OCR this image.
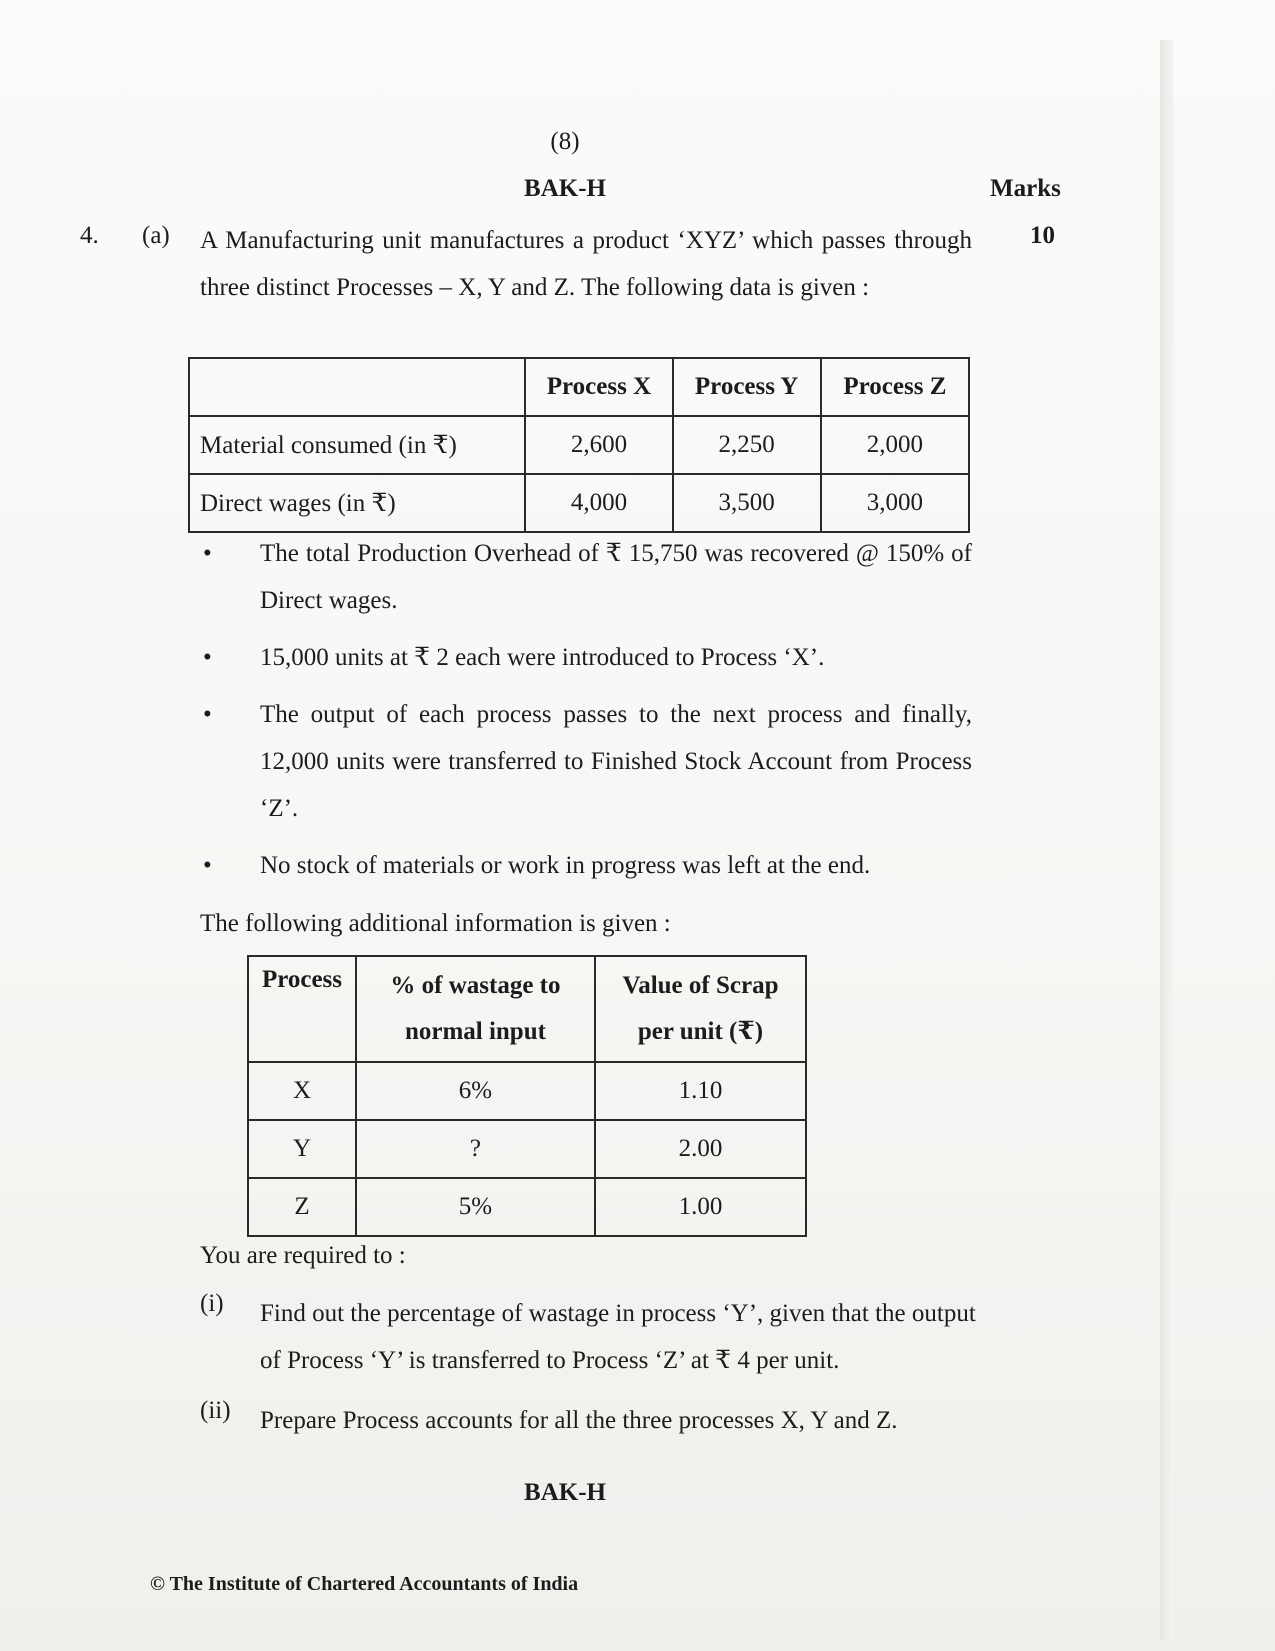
(8)
BAK-H	Marks
4. (a)	10
A Manufacturing unit manufactures a product ‘XYZ’ which passes through three distinct Processes – X, Y and Z. The following data is given :
	Process X	Process Y	Process Z
Material consumed (in ₹)	2,600	2,250	2,000
Direct wages (in ₹)	4,000	3,500	3,000
• The total Production Overhead of ₹ 15,750 was recovered @ 150% of Direct wages.
• 15,000 units at ₹ 2 each were introduced to Process ‘X’.
• The output of each process passes to the next process and finally, 12,000 units were transferred to Finished Stock Account from Process ‘Z’.
• No stock of materials or work in progress was left at the end.
The following additional information is given :
Process	% of wastage to normal input	Value of Scrap per unit (₹)
X	6%	1.10
Y	?	2.00
Z	5%	1.00
You are required to :
(i) Find out the percentage of wastage in process ‘Y’, given that the output of Process ‘Y’ is transferred to Process ‘Z’ at ₹ 4 per unit.
(ii) Prepare Process accounts for all the three processes X, Y and Z.
BAK-H
© The Institute of Chartered Accountants of India
